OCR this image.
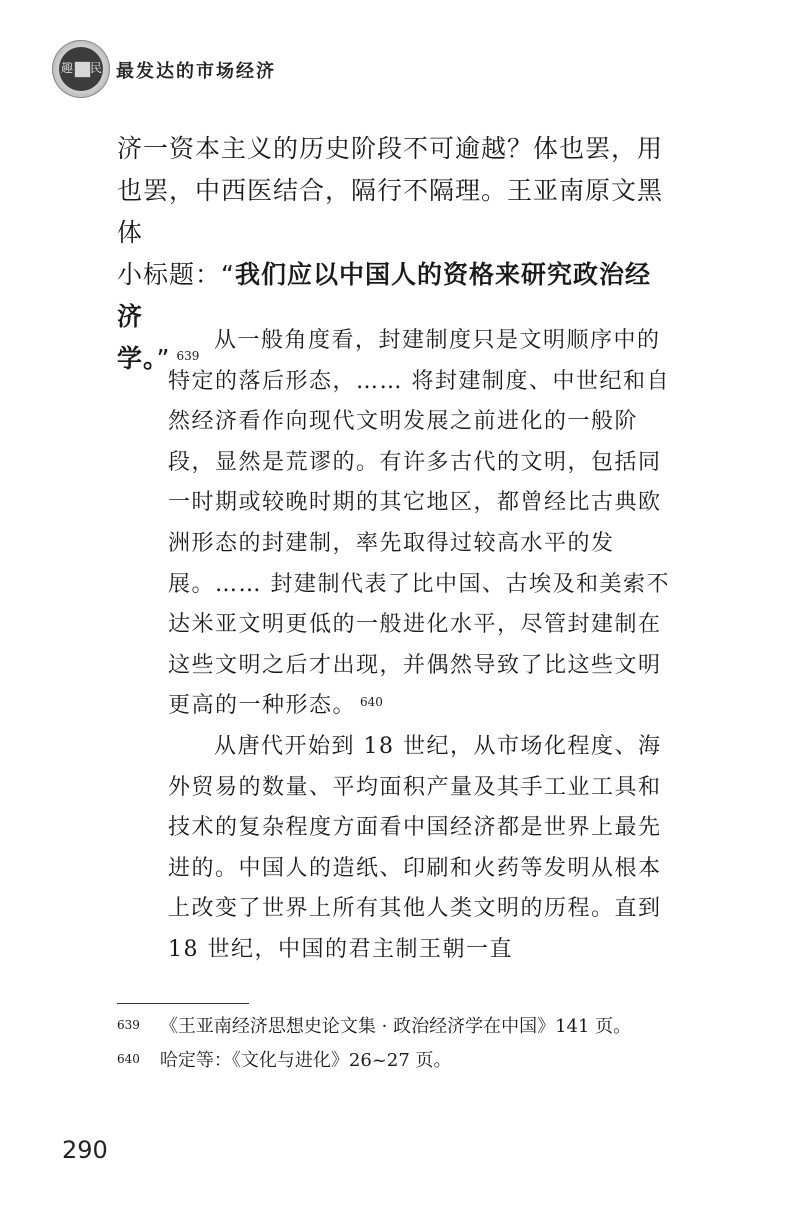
趣 民 最发达的市场经济

济一资本主义的历史阶段不可逾越？体也罢，用

也罢，中西医结合，隔行不隔理。王亚南原文黑体

小标题：“我们应以中国人的资格来研究政治经济

学。” $^{639}$

从一般角度看，封建制度只是文明顺序中的特定的落后形态，…… 将封建制度、中世纪和自然经济看作向现代文明发展之前进化的一般阶段，显然是荒谬的。有许多古代的文明，包括同一时期或较晚时期的其它地区，都曾经比古典欧洲形态的封建制，率先取得过较高水平的发展。…… 封建制代表了比中国、古埃及和美索不达米亚文明更低的一般进化水平，尽管封建制在这些文明之后才出现，并偶然导致了比这些文明更高的一种形态。 $^{640}$

从唐代开始到 18 世纪，从市场化程度、海外贸易的数量、平均面积产量及其手工业工具和技术的复杂程度方面看中国经济都是世界上最先进的。中国人的造纸、印刷和火药等发明从根本上改变了世界上所有其他人类文明的历程。直到 18 世纪，中国的君主制王朝一直

$^{639}$ 《王亚南经济思想史论文集 · 政治经济学在中国》141 页。
$^{640}$ 哈定等：《文化与进化》26~27 页。
290
